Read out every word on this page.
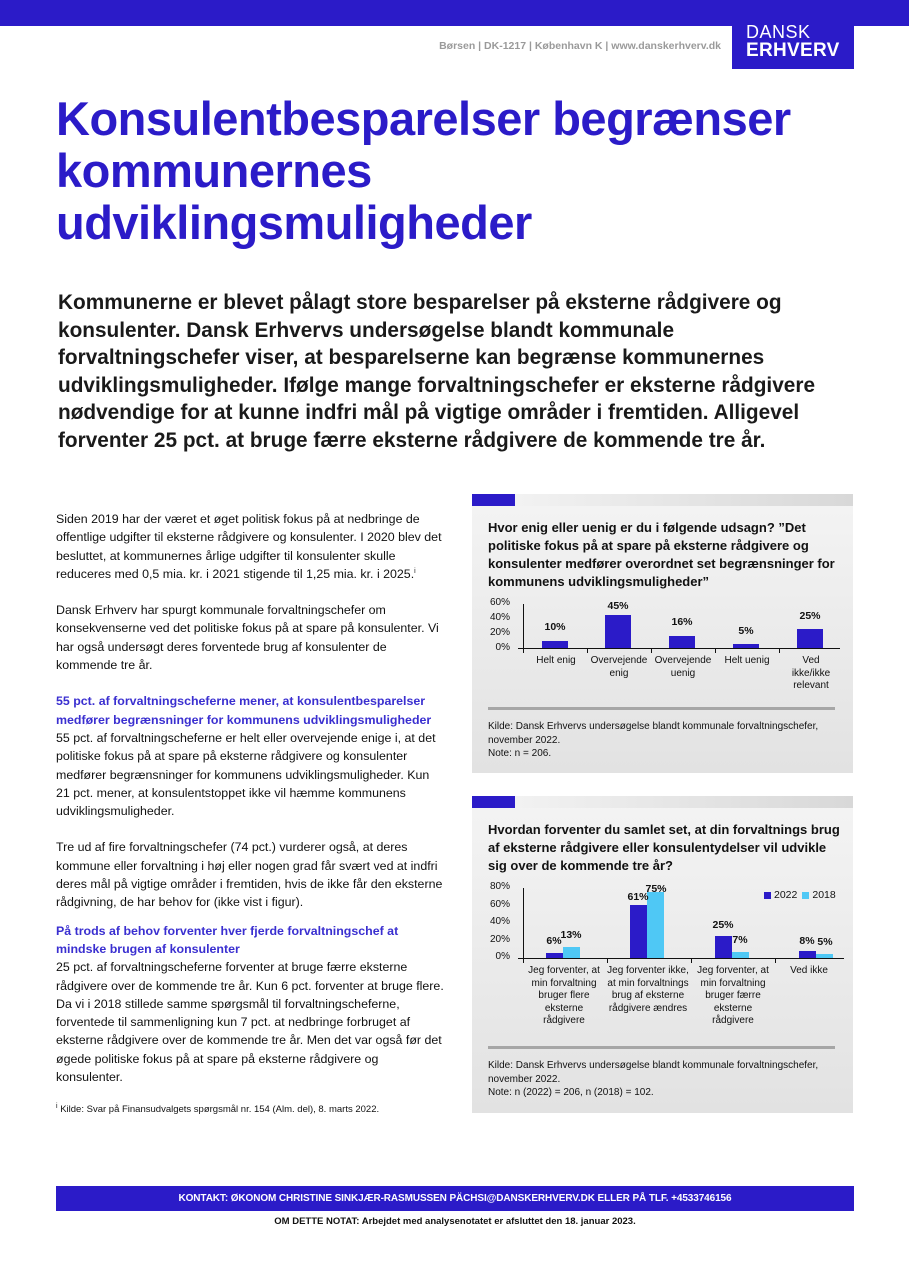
Børsen | DK-1217 | København K | www.danskerhverv.dk
DANSK
ERHVERV
Konsulentbesparelser begrænser kommunernes udviklingsmuligheder
Kommunerne er blevet pålagt store besparelser på eksterne rådgivere og konsulenter. Dansk Erhvervs undersøgelse blandt kommunale forvaltningschefer viser, at besparelserne kan begrænse kommunernes udviklingsmuligheder. Ifølge mange forvaltningschefer er eksterne rådgivere nødvendige for at kunne indfri mål på vigtige områder i fremtiden. Alligevel forventer 25 pct. at bruge færre eksterne rådgivere de kommende tre år.

Siden 2019 har der været et øget politisk fokus på at nedbringe de offentlige udgifter til eksterne rådgivere og konsulenter. I 2020 blev det besluttet, at kommunernes årlige udgifter til konsulenter skulle reduceres med 0,5 mia. kr. i 2021 stigende til 1,25 mia. kr. i 2025.$^i$

Dansk Erhverv har spurgt kommunale forvaltningschefer om konsekvenserne ved det politiske fokus på at spare på konsulenter. Vi har også undersøgt deres forventede brug af konsulenter de kommende tre år.

55 pct. af forvaltningscheferne mener, at konsulentbesparelser medfører begrænsninger for kommunens udviklingsmuligheder
55 pct. af forvaltningscheferne er helt eller overvejende enige i, at det politiske fokus på at spare på eksterne rådgivere og konsulenter medfører begrænsninger for kommunens udviklingsmuligheder. Kun 21 pct. mener, at konsulentstoppet ikke vil hæmme kommunens udviklingsmuligheder.

Tre ud af fire forvaltningschefer (74 pct.) vurderer også, at deres kommune eller forvaltning i høj eller nogen grad får svært ved at indfri deres mål på vigtige områder i fremtiden, hvis de ikke får den eksterne rådgivning, de har behov for (ikke vist i figur).

På trods af behov forventer hver fjerde forvaltningschef at mindske brugen af konsulenter
25 pct. af forvaltningscheferne forventer at bruge færre eksterne rådgivere over de kommende tre år. Kun 6 pct. forventer at bruge flere. Da vi i 2018 stillede samme spørgsmål til forvaltningscheferne, forventede til sammenligning kun 7 pct. at nedbringe forbruget af eksterne rådgivere over de kommende tre år. Men det var også før det øgede politiske fokus på at spare på eksterne rådgivere og konsulenter.
$^i$ Kilde: Svar på Finansudvalgets spørgsmål nr. 154 (Alm. del), 8. marts 2022.
Hvor enig eller uenig er du i følgende udsagn? ”Det politiske fokus på at spare på eksterne rådgivere og konsulenter medfører overordnet set begrænsninger for kommunens udviklingsmuligheder”
60%
40%
20%
0%
10%
45%
16%
5%
25%
Helt enig	Overvejende enig
Overvejende uenig
Helt uenig	Ved ikke/ikke relevant
Kilde: Dansk Erhvervs undersøgelse blandt kommunale forvaltningschefer, november 2022.
Note: n = 206.
Hvordan forventer du samlet set, at din forvaltnings brug af eksterne rådgivere eller konsulentydelser vil udvikle sig over de kommende tre år?
80%
60%
40%
20%
0%
2022 2018
6%
13%
61%
75%
25%
7%	8% 5%
Jeg forventer, at min forvaltning bruger flere eksterne rådgivere
Jeg forventer ikke, at min forvaltnings brug af eksterne rådgivere ændres
Jeg forventer, at min forvaltning bruger færre eksterne rådgivere
Ved ikke
Kilde: Dansk Erhvervs undersøgelse blandt kommunale forvaltningschefer, november 2022.
Note: n (2022) = 206, n (2018) = 102.
KONTAKT: ØKONOM CHRISTINE SINKJÆR-RASMUSSEN PÄCHSI@DANSKERHVERV.DK ELLER PÅ TLF. +4533746156
OM DETTE NOTAT: Arbejdet med analysenotatet er afsluttet den 18. januar 2023.
